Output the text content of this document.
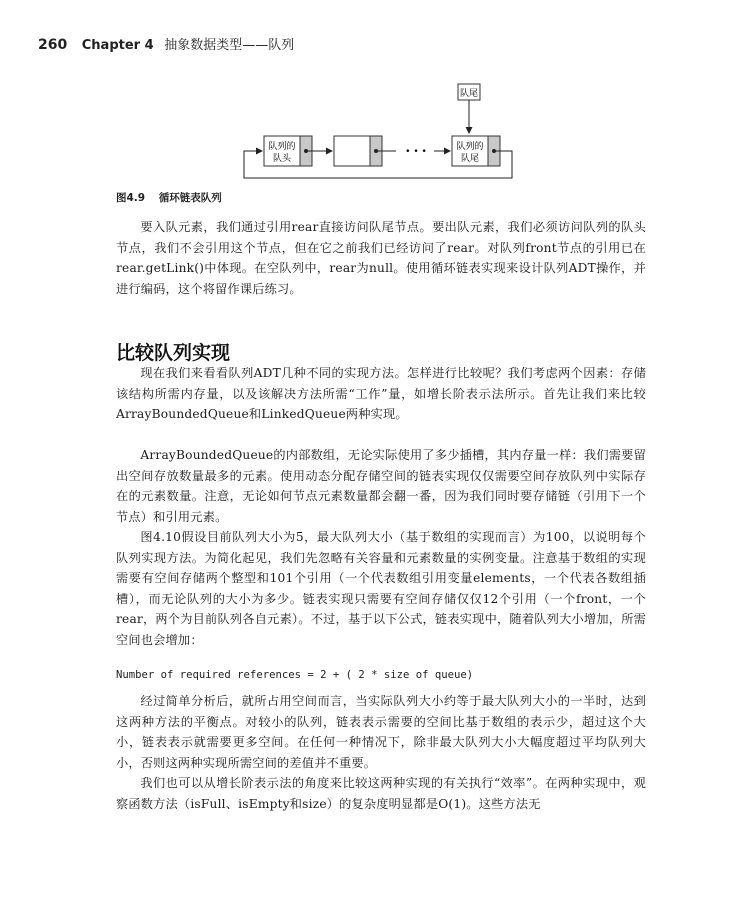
260 Chapter 4 抽象数据类型——队列
队尾
队列的
队头
• • •	队列的
队尾
图4.9 循环链表队列
要入队元素，我们通过引用rear直接访问队尾节点。要出队元素，我们必须访问队列的队头节点，我们不会引用这个节点，但在它之前我们已经访问了rear。对队列front节点的引用已在rear.getLink()中体现。在空队列中，rear为null。使用循环链表实现来设计队列ADT操作，并进行编码，这个将留作课后练习。
比较队列实现
现在我们来看看队列ADT几种不同的实现方法。怎样进行比较呢？我们考虑两个因素：存储该结构所需内存量，以及该解决方法所需“工作”量，如增长阶表示法所示。首先让我们来比较ArrayBoundedQueue和LinkedQueue两种实现。
ArrayBoundedQueue的内部数组，无论实际使用了多少插槽，其内存量一样：我们需要留出空间存放数量最多的元素。使用动态分配存储空间的链表实现仅仅需要空间存放队列中实际存在的元素数量。注意，无论如何节点元素数量都会翻一番，因为我们同时要存储链（引用下一个节点）和引用元素。
图4.10假设目前队列大小为5，最大队列大小（基于数组的实现而言）为100，以说明每个队列实现方法。为简化起见，我们先忽略有关容量和元素数量的实例变量。注意基于数组的实现需要有空间存储两个整型和101个引用（一个代表数组引用变量elements，一个代表各数组插槽），而无论队列的大小为多少。链表实现只需要有空间存储仅仅12个引用（一个front，一个rear，两个为目前队列各自元素）。不过，基于以下公式，链表实现中，随着队列大小增加，所需空间也会增加：
Number of required references = 2 + ( 2 * size of queue)
经过简单分析后，就所占用空间而言，当实际队列大小约等于最大队列大小的一半时，达到这两种方法的平衡点。对较小的队列，链表表示需要的空间比基于数组的表示少，超过这个大小，链表表示就需要更多空间。在任何一种情况下，除非最大队列大小大幅度超过平均队列大小，否则这两种实现所需空间的差值并不重要。
我们也可以从增长阶表示法的角度来比较这两种实现的有关执行“效率”。在两种实现中，观察函数方法（isFull、isEmpty和size）的复杂度明显都是O(1)。这些方法无
